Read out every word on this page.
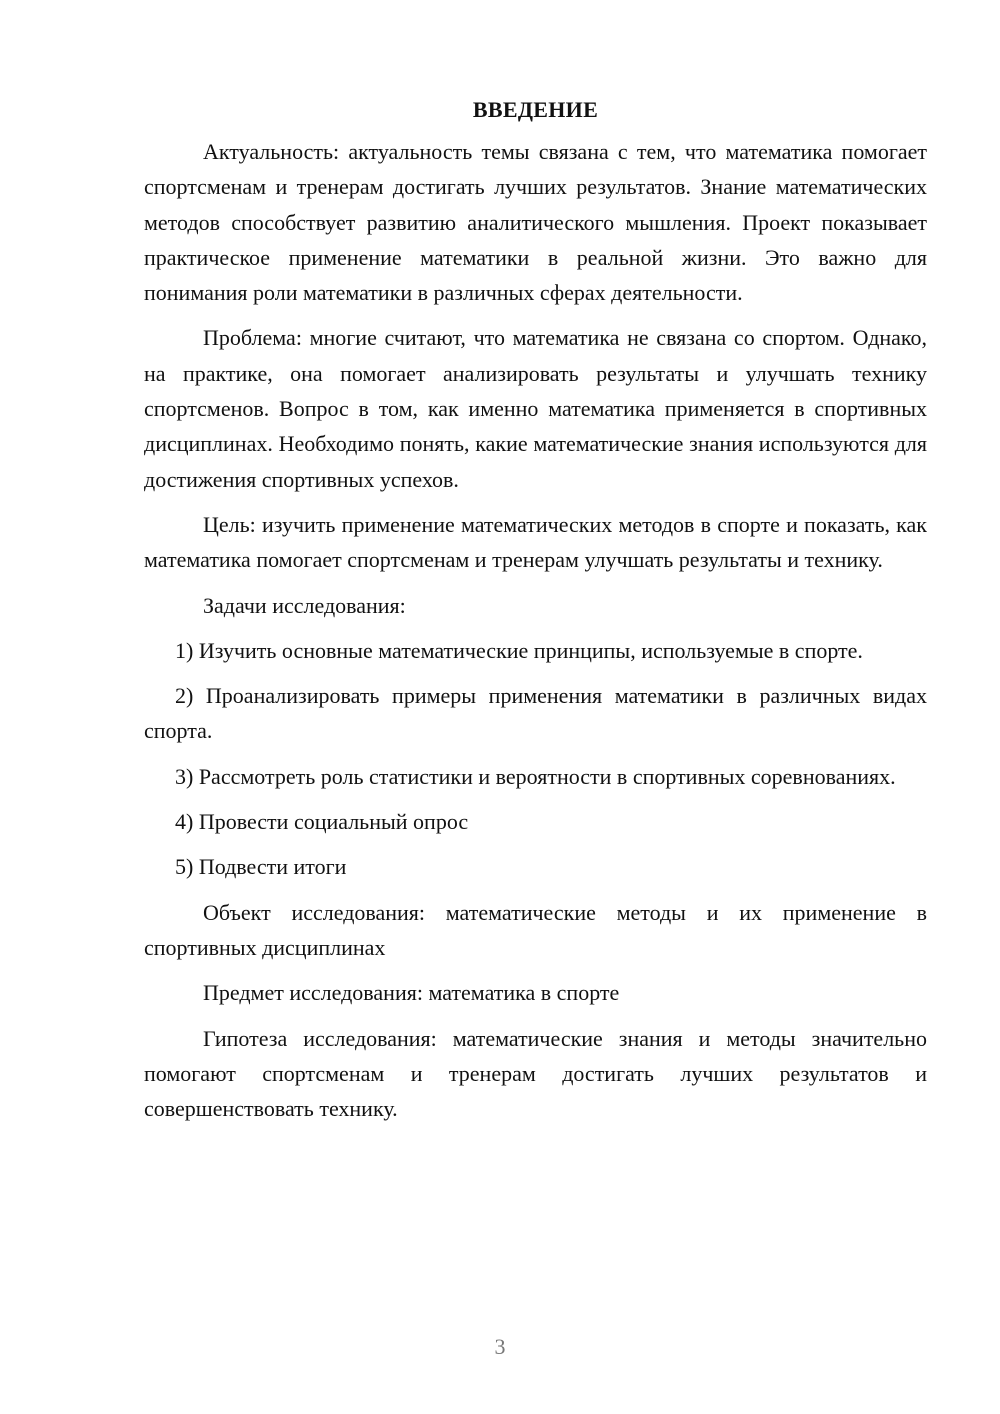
ВВЕДЕНИЕ

Актуальность: актуальность темы связана с тем, что математика помогает спортсменам и тренерам достигать лучших результатов. Знание математических методов способствует развитию аналитического мышления. Проект показывает практическое применение математики в реальной жизни. Это важно для понимания роли математики в различных сферах деятельности.

Проблема: многие считают, что математика не связана со спортом. Однако, на практике, она помогает анализировать результаты и улучшать технику спортсменов. Вопрос в том, как именно математика применяется в спортивных дисциплинах. Необходимо понять, какие математические знания используются для достижения спортивных успехов.

Цель: изучить применение математических методов в спорте и показать, как математика помогает спортсменам и тренерам улучшать результаты и технику.

Задачи исследования:

1) Изучить основные математические принципы, используемые в спорте.

2) Проанализировать примеры применения математики в различных видах спорта.

3) Рассмотреть роль статистики и вероятности в спортивных соревнованиях.

4) Провести социальный опрос

5) Подвести итоги

Объект исследования: математические методы и их применение в спортивных дисциплинах

Предмет исследования: математика в спорте

Гипотеза исследования: математические знания и методы значительно помогают спортсменам и тренерам достигать лучших результатов и совершенствовать технику.

3
